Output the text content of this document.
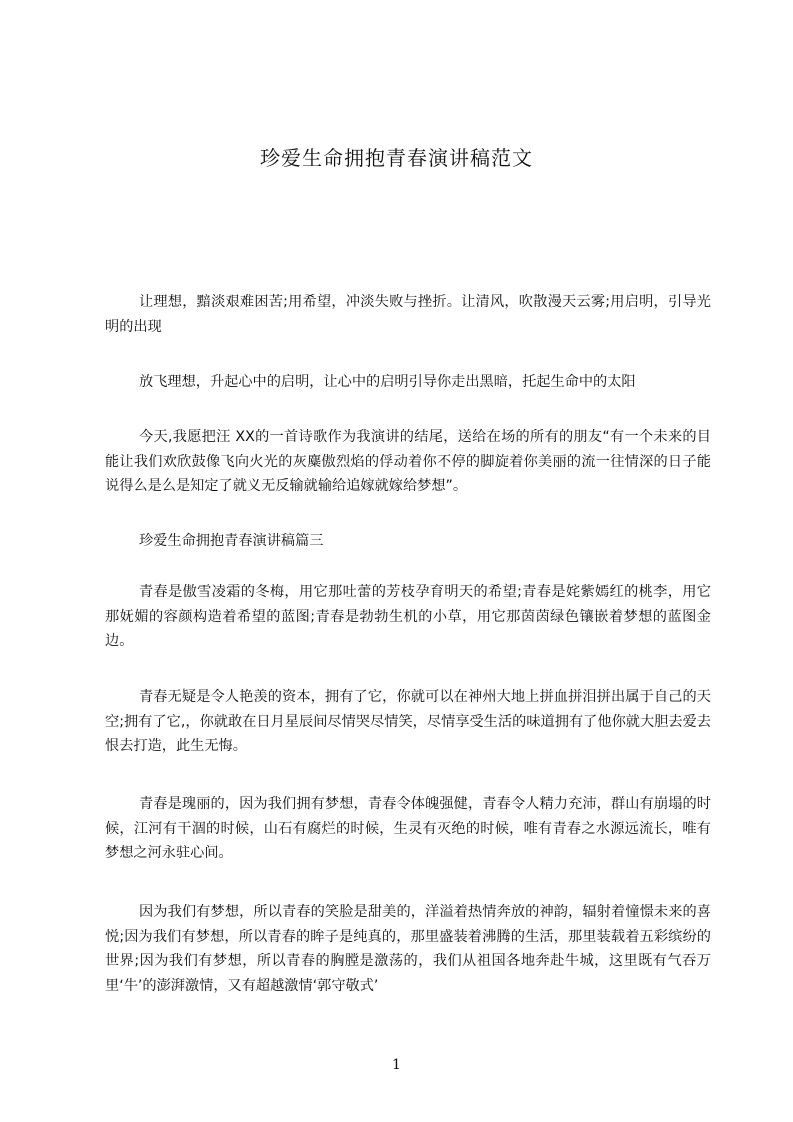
珍爱生命拥抱青春演讲稿范文

让理想，黯淡艰难困苦;用希望，冲淡失败与挫折。让清风，吹散漫天云雾;用启明，引导光明的出现

放飞理想，升起心中的启明，让心中的启明引导你走出黑暗，托起生命中的太阳

今天,我愿把汪 XX的一首诗歌作为我演讲的结尾，送给在场的所有的朋友“有一个未来的目能让我们欢欣鼓像飞向火光的灰麋傲烈焰的俘动着你不停的脚旋着你美丽的流一往情深的日子能说得么是么是知定了就义无反输就输给追嫁就嫁给梦想”。

珍爱生命拥抱青春演讲稿篇三

青春是傲雪凌霜的冬梅，用它那吐蕾的芳枝孕育明天的希望;青春是姹紫嫣红的桃李，用它那妩媚的容颜构造着希望的蓝图;青春是勃勃生机的小草，用它那茵茵绿色镶嵌着梦想的蓝图金边。

青春无疑是令人艳羡的资本，拥有了它，你就可以在神州大地上拼血拼泪拼出属于自己的天空;拥有了它,，你就敢在日月星辰间尽情哭尽情笑，尽情享受生活的味道拥有了他你就大胆去爱去恨去打造，此生无悔。

青春是瑰丽的，因为我们拥有梦想，青春令体魄强健，青春令人精力充沛，群山有崩塌的时候，江河有干涸的时候，山石有腐烂的时候，生灵有灭绝的时候，唯有青春之水源远流长，唯有梦想之河永驻心间。

因为我们有梦想，所以青春的笑脸是甜美的，洋溢着热情奔放的神韵，辐射着憧憬未来的喜悦;因为我们有梦想，所以青春的眸子是纯真的，那里盛装着沸腾的生活，那里装载着五彩缤纷的世界;因为我们有梦想，所以青春的胸膛是激荡的，我们从祖国各地奔赴牛城，这里既有气吞万里‘牛’的澎湃激情，又有超越激情‘郭守敬式’

1
